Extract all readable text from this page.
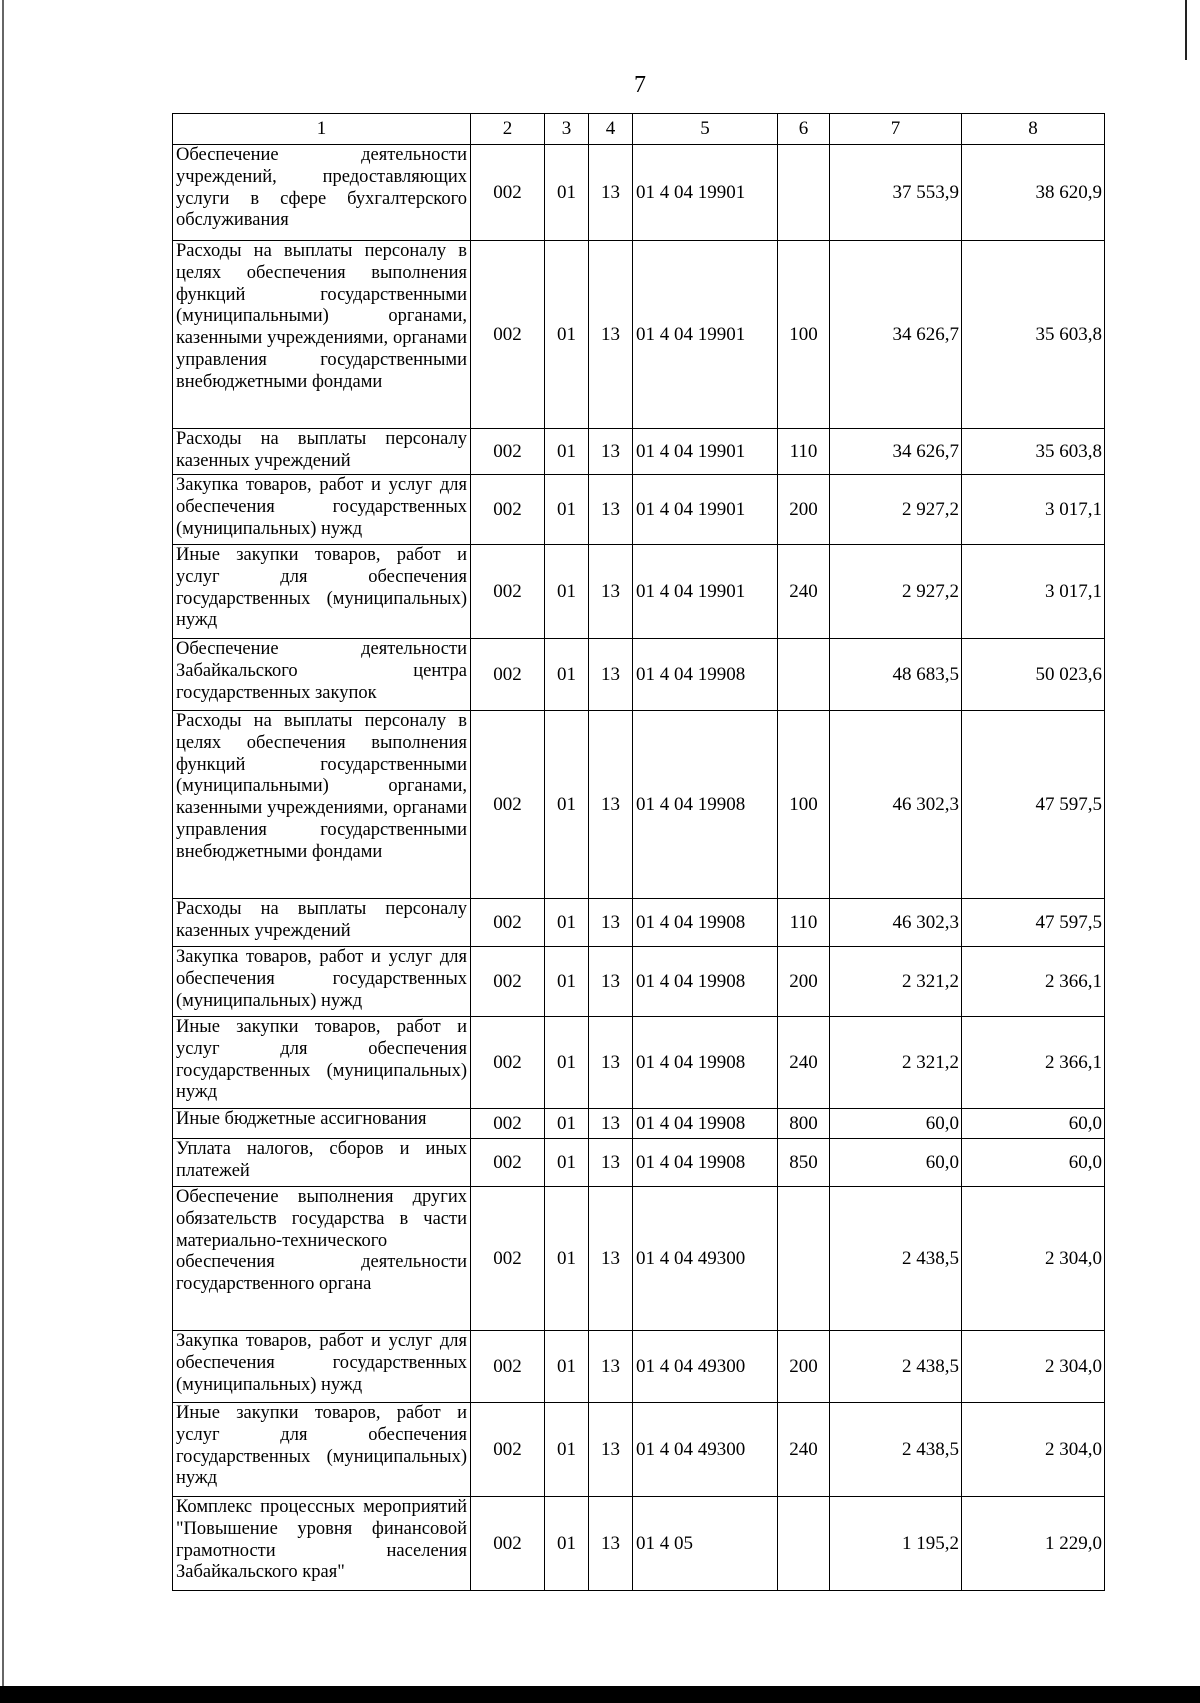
7
1	2	3	4	5	6	7	8
Обеспечение деятельности учреждений, предоставляющих услуги в сфере бухгалтерского обслуживания	002	01	13	01 4 04 19901		37 553,9	38 620,9
Расходы на выплаты персоналу в целях обеспечения выполнения функций государственными (муниципальными) органами, казенными учреждениями, органами управления государственными внебюджетными фондами	002	01	13	01 4 04 19901	100	34 626,7	35 603,8
Расходы на выплаты персоналу казенных учреждений	002	01	13	01 4 04 19901	110	34 626,7	35 603,8
Закупка товаров, работ и услуг для обеспечения государственных (муниципальных) нужд	002	01	13	01 4 04 19901	200	2 927,2	3 017,1
Иные закупки товаров, работ и услуг для обеспечения государственных (муниципальных) нужд	002	01	13	01 4 04 19901	240	2 927,2	3 017,1
Обеспечение деятельности Забайкальского центра государственных закупок	002	01	13	01 4 04 19908		48 683,5	50 023,6
Расходы на выплаты персоналу в целях обеспечения выполнения функций государственными (муниципальными) органами, казенными учреждениями, органами управления государственными внебюджетными фондами	002	01	13	01 4 04 19908	100	46 302,3	47 597,5
Расходы на выплаты персоналу казенных учреждений	002	01	13	01 4 04 19908	110	46 302,3	47 597,5
Закупка товаров, работ и услуг для обеспечения государственных (муниципальных) нужд	002	01	13	01 4 04 19908	200	2 321,2	2 366,1
Иные закупки товаров, работ и услуг для обеспечения государственных (муниципальных) нужд	002	01	13	01 4 04 19908	240	2 321,2	2 366,1
Иные бюджетные ассигнования	002	01	13	01 4 04 19908	800	60,0	60,0
Уплата налогов, сборов и иных платежей	002	01	13	01 4 04 19908	850	60,0	60,0
Обеспечение выполнения других обязательств государства в части материально-технического обеспечения деятельности государственного органа	002	01	13	01 4 04 49300		2 438,5	2 304,0
Закупка товаров, работ и услуг для обеспечения государственных (муниципальных) нужд	002	01	13	01 4 04 49300	200	2 438,5	2 304,0
Иные закупки товаров, работ и услуг для обеспечения государственных (муниципальных) нужд	002	01	13	01 4 04 49300	240	2 438,5	2 304,0
Комплекс процессных мероприятий "Повышение уровня финансовой грамотности населения Забайкальского края"	002	01	13	01 4 05		1 195,2	1 229,0
